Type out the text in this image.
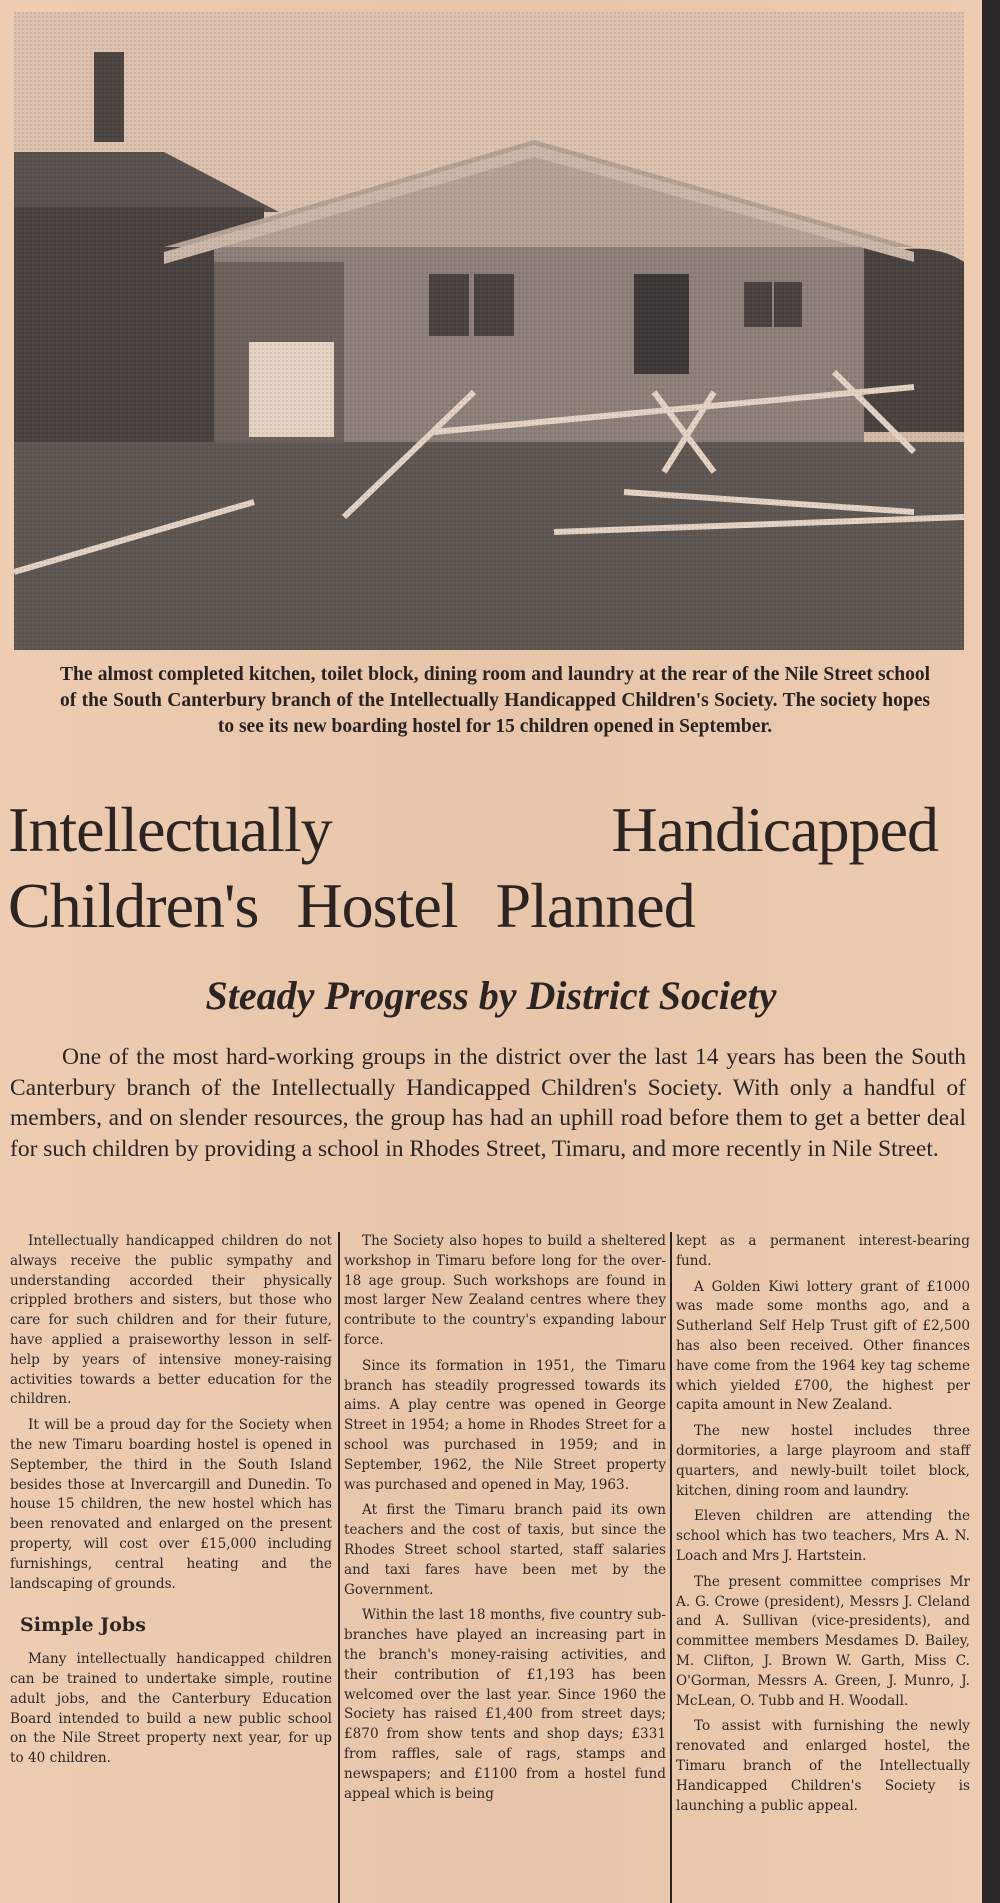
The almost completed kitchen, toilet block, dining room and laundry at the rear of the Nile Street school of the South Canterbury branch of the Intellectually Handicapped Children's Society. The society hopes to see its new boarding hostel for 15 children opened in September.
Intellectually	Handicapped
Children's Hostel Planned
Steady Progress by District Society

One of the most hard-working groups in the district over the last 14 years has been the South Canterbury branch of the Intellectually Handicapped Children's Society. With only a handful of members, and on slender resources, the group has had an uphill road before them to get a better deal for such children by providing a school in Rhodes Street, Timaru, and more recently in Nile Street.

Intellectually handicapped children do not always receive the public sympathy and understanding accorded their physically crippled brothers and sisters, but those who care for such children and for their future, have applied a praiseworthy lesson in self-help by years of intensive money-raising activities towards a better education for the children.

It will be a proud day for the Society when the new Timaru boarding hostel is opened in September, the third in the South Island besides those at Invercargill and Dunedin. To house 15 children, the new hostel which has been renovated and enlarged on the present property, will cost over £15,000 including furnishings, central heating and the landscaping of grounds.

Simple Jobs

Many intellectually handicapped children can be trained to undertake simple, routine adult jobs, and the Canterbury Education Board intended to build a new public school on the Nile Street property next year, for up to 40 children.

The Society also hopes to build a sheltered workshop in Timaru before long for the over-18 age group. Such workshops are found in most larger New Zealand centres where they contribute to the country's expanding labour force.

Since its formation in 1951, the Timaru branch has steadily progressed towards its aims. A play centre was opened in George Street in 1954; a home in Rhodes Street for a school was purchased in 1959; and in September, 1962, the Nile Street property was purchased and opened in May, 1963.

At first the Timaru branch paid its own teachers and the cost of taxis, but since the Rhodes Street school started, staff salaries and taxi fares have been met by the Government.

Within the last 18 months, five country sub-branches have played an increasing part in the branch's money-raising activities, and their contribution of £1,193 has been welcomed over the last year. Since 1960 the Society has raised £1,400 from street days; £870 from show tents and shop days; £331 from raffles, sale of rags, stamps and newspapers; and £1100 from a hostel fund appeal which is being

kept as a permanent interest-bearing fund.

A Golden Kiwi lottery grant of £1000 was made some months ago, and a Sutherland Self Help Trust gift of £2,500 has also been received. Other finances have come from the 1964 key tag scheme which yielded £700, the highest per capita amount in New Zealand.

The new hostel includes three dormitories, a large playroom and staff quarters, and newly-built toilet block, kitchen, dining room and laundry.

Eleven children are attending the school which has two teachers, Mrs A. N. Loach and Mrs J. Hartstein.

The present committee comprises Mr A. G. Crowe (president), Messrs J. Cleland and A. Sullivan (vice-presidents), and committee members Mesdames D. Bailey, M. Clifton, J. Brown W. Garth, Miss C. O'Gorman, Messrs A. Green, J. Munro, J. McLean, O. Tubb and H. Woodall.

To assist with furnishing the newly renovated and enlarged hostel, the Timaru branch of the Intellectually Handicapped Children's Society is launching a public appeal.
